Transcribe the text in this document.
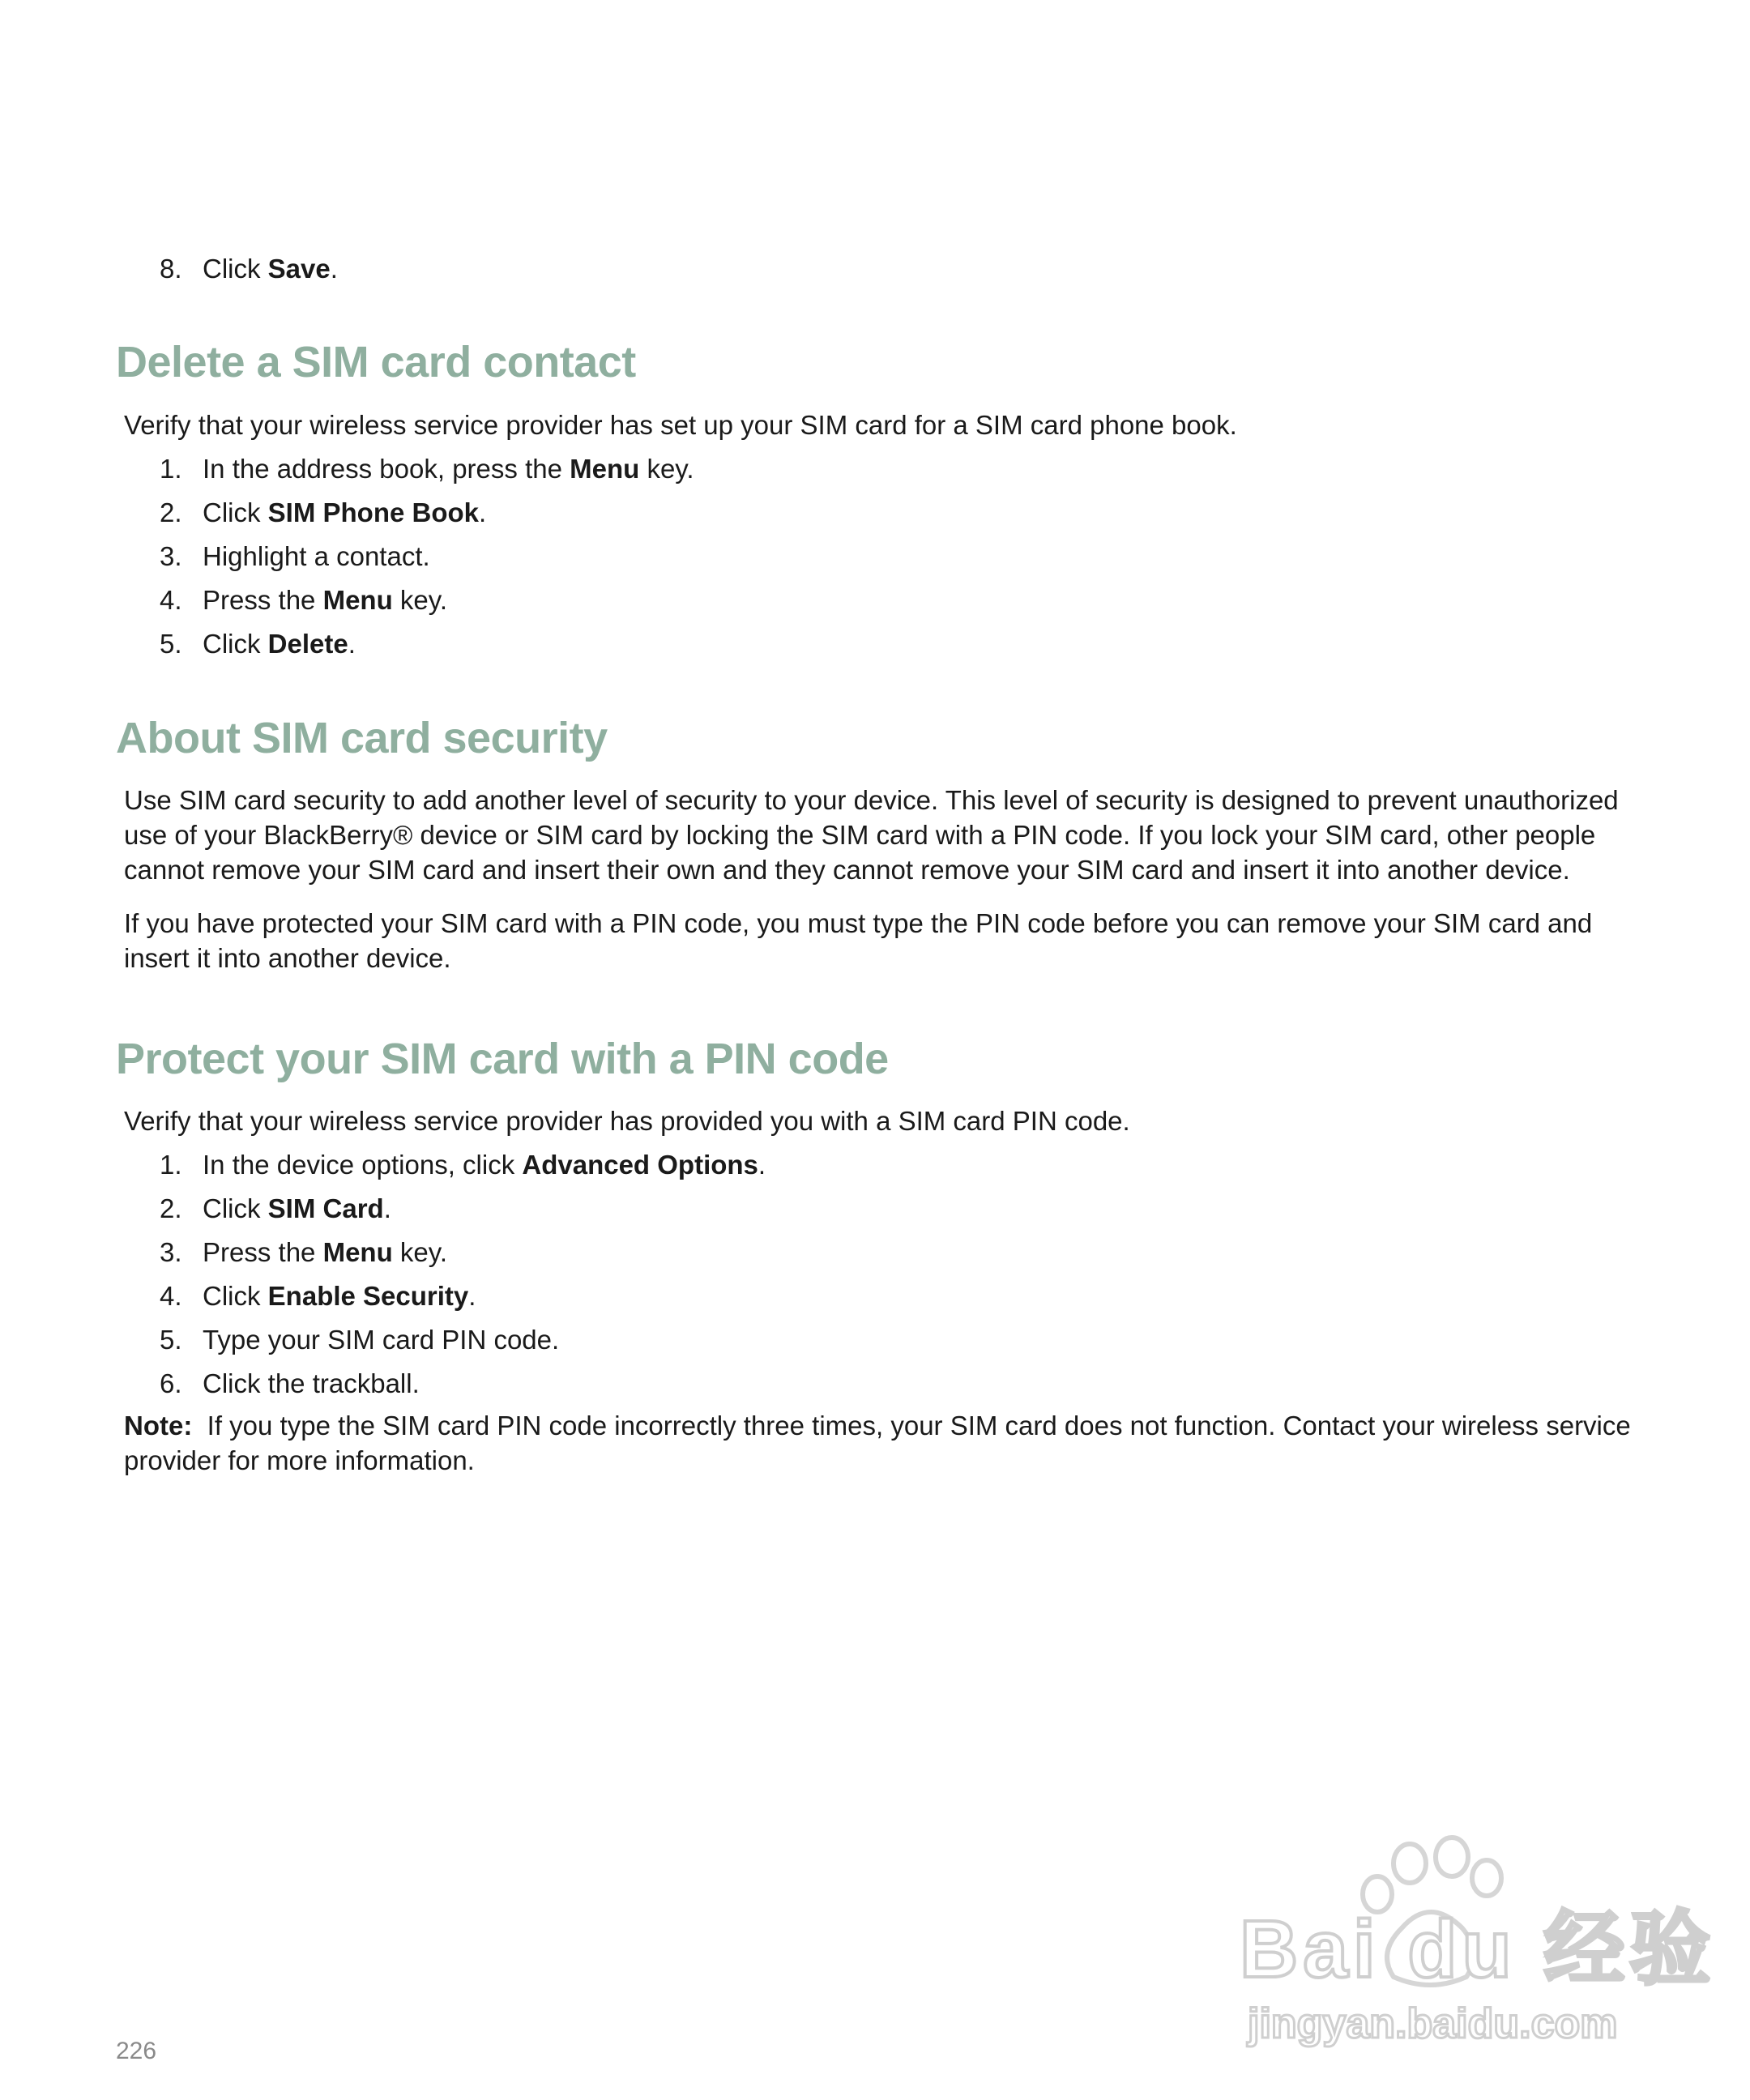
8. Click Save.
Delete a SIM card contact
Verify that your wireless service provider has set up your SIM card for a SIM card phone book.
1. In the address book, press the Menu key.
2. Click SIM Phone Book.
3. Highlight a contact.
4. Press the Menu key.
5. Click Delete.
About SIM card security
Use SIM card security to add another level of security to your device. This level of security is designed to prevent unauthorized use of your BlackBerry® device or SIM card by locking the SIM card with a PIN code. If you lock your SIM card, other people cannot remove your SIM card and insert their own and they cannot remove your SIM card and insert it into another device.
If you have protected your SIM card with a PIN code, you must type the PIN code before you can remove your SIM card and insert it into another device.
Protect your SIM card with a PIN code
Verify that your wireless service provider has provided you with a SIM card PIN code.
1. In the device options, click Advanced Options.
2. Click SIM Card.
3. Press the Menu key.
4. Click Enable Security.
5. Type your SIM card PIN code.
6. Click the trackball.
Note: If you type the SIM card PIN code incorrectly three times, your SIM card does not function. Contact your wireless service provider for more information.
Bai du 经验
jingyan.baidu.com
226
